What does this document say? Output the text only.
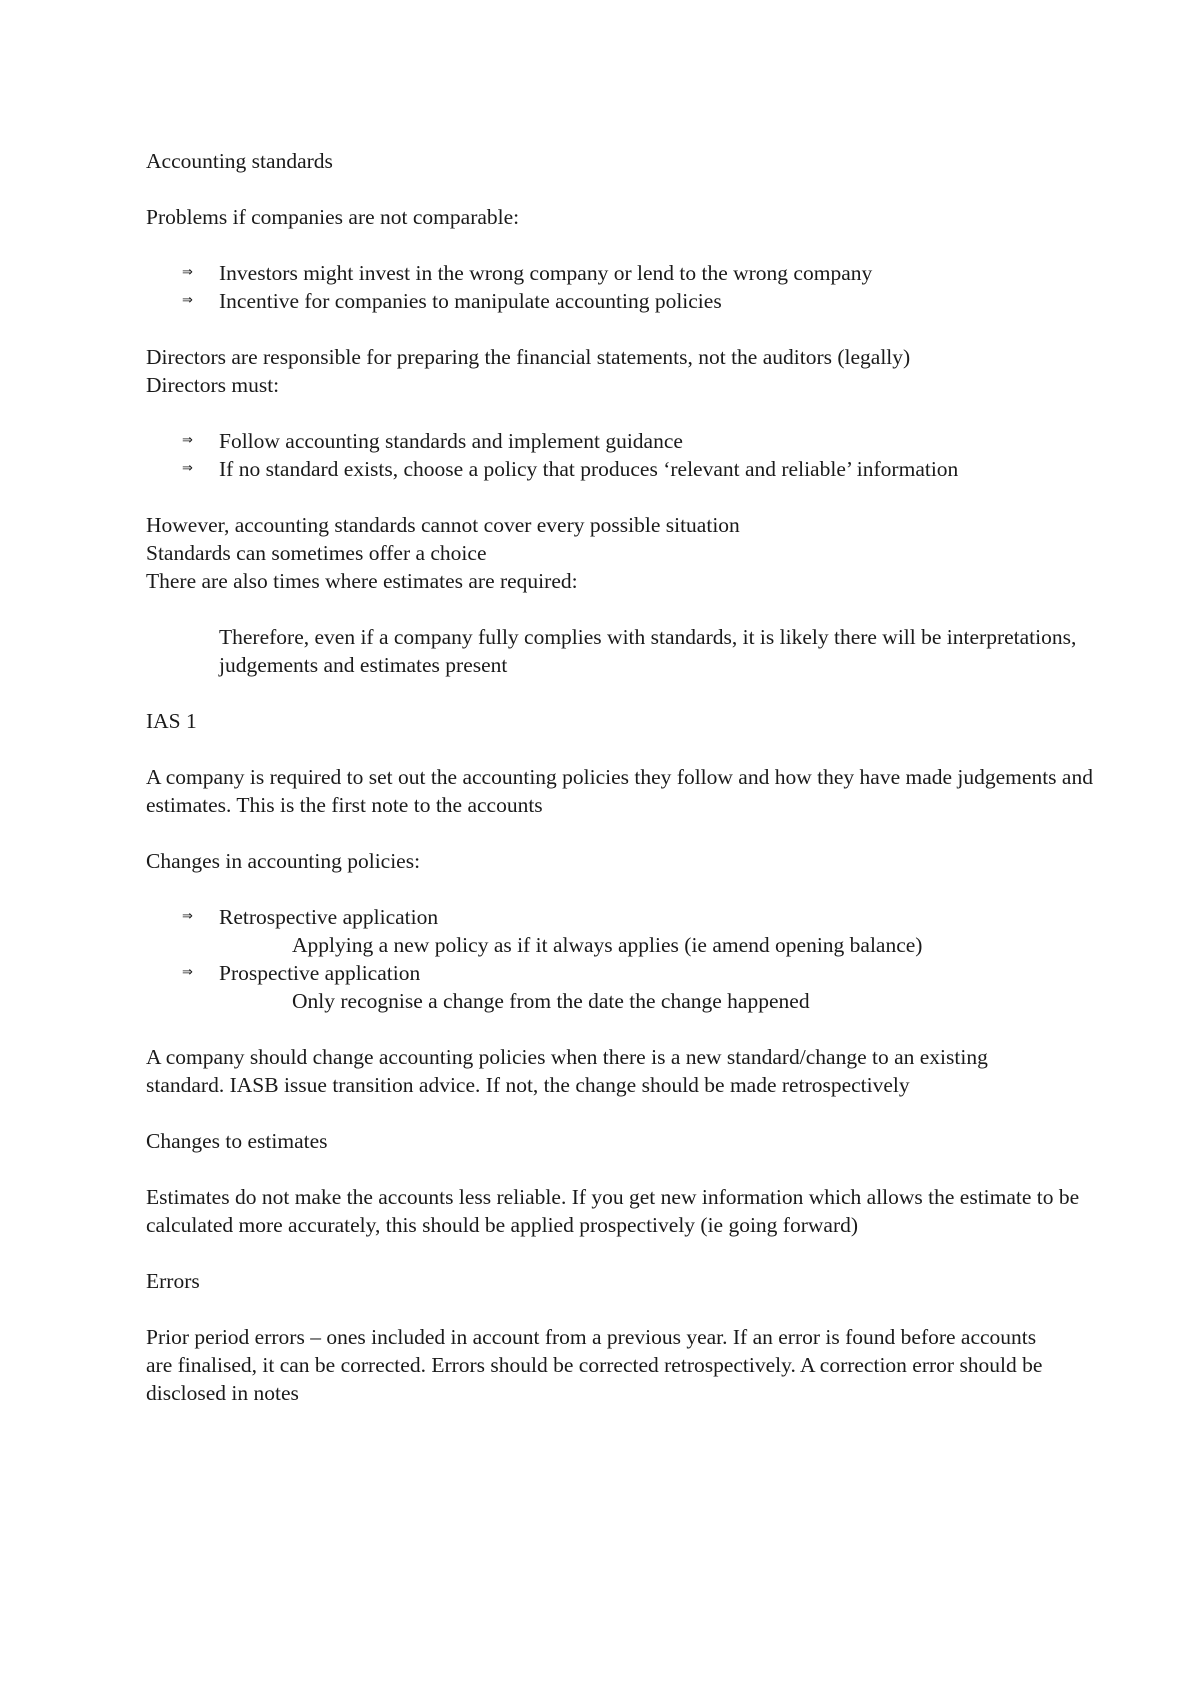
Accounting standards

Problems if companies are not comparable:

⇒ Investors might invest in the wrong company or lend to the wrong company
⇒ Incentive for companies to manipulate accounting policies

Directors are responsible for preparing the financial statements, not the auditors (legally)

Directors must:

⇒ Follow accounting standards and implement guidance
⇒ If no standard exists, choose a policy that produces ‘relevant and reliable’ information

However, accounting standards cannot cover every possible situation

Standards can sometimes offer a choice

There are also times where estimates are required:

Therefore, even if a company fully complies with standards, it is likely there will be interpretations, judgements and estimates present

IAS 1

A company is required to set out the accounting policies they follow and how they have made judgements and estimates. This is the first note to the accounts

Changes in accounting policies:

⇒ Retrospective application
Applying a new policy as if it always applies (ie amend opening balance)
⇒ Prospective application
Only recognise a change from the date the change happened

A company should change accounting policies when there is a new standard/change to an existing standard. IASB issue transition advice. If not, the change should be made retrospectively

Changes to estimates

Estimates do not make the accounts less reliable. If you get new information which allows the estimate to be calculated more accurately, this should be applied prospectively (ie going forward)

Errors

Prior period errors – ones included in account from a previous year. If an error is found before accounts are finalised, it can be corrected. Errors should be corrected retrospectively. A correction error should be disclosed in notes
